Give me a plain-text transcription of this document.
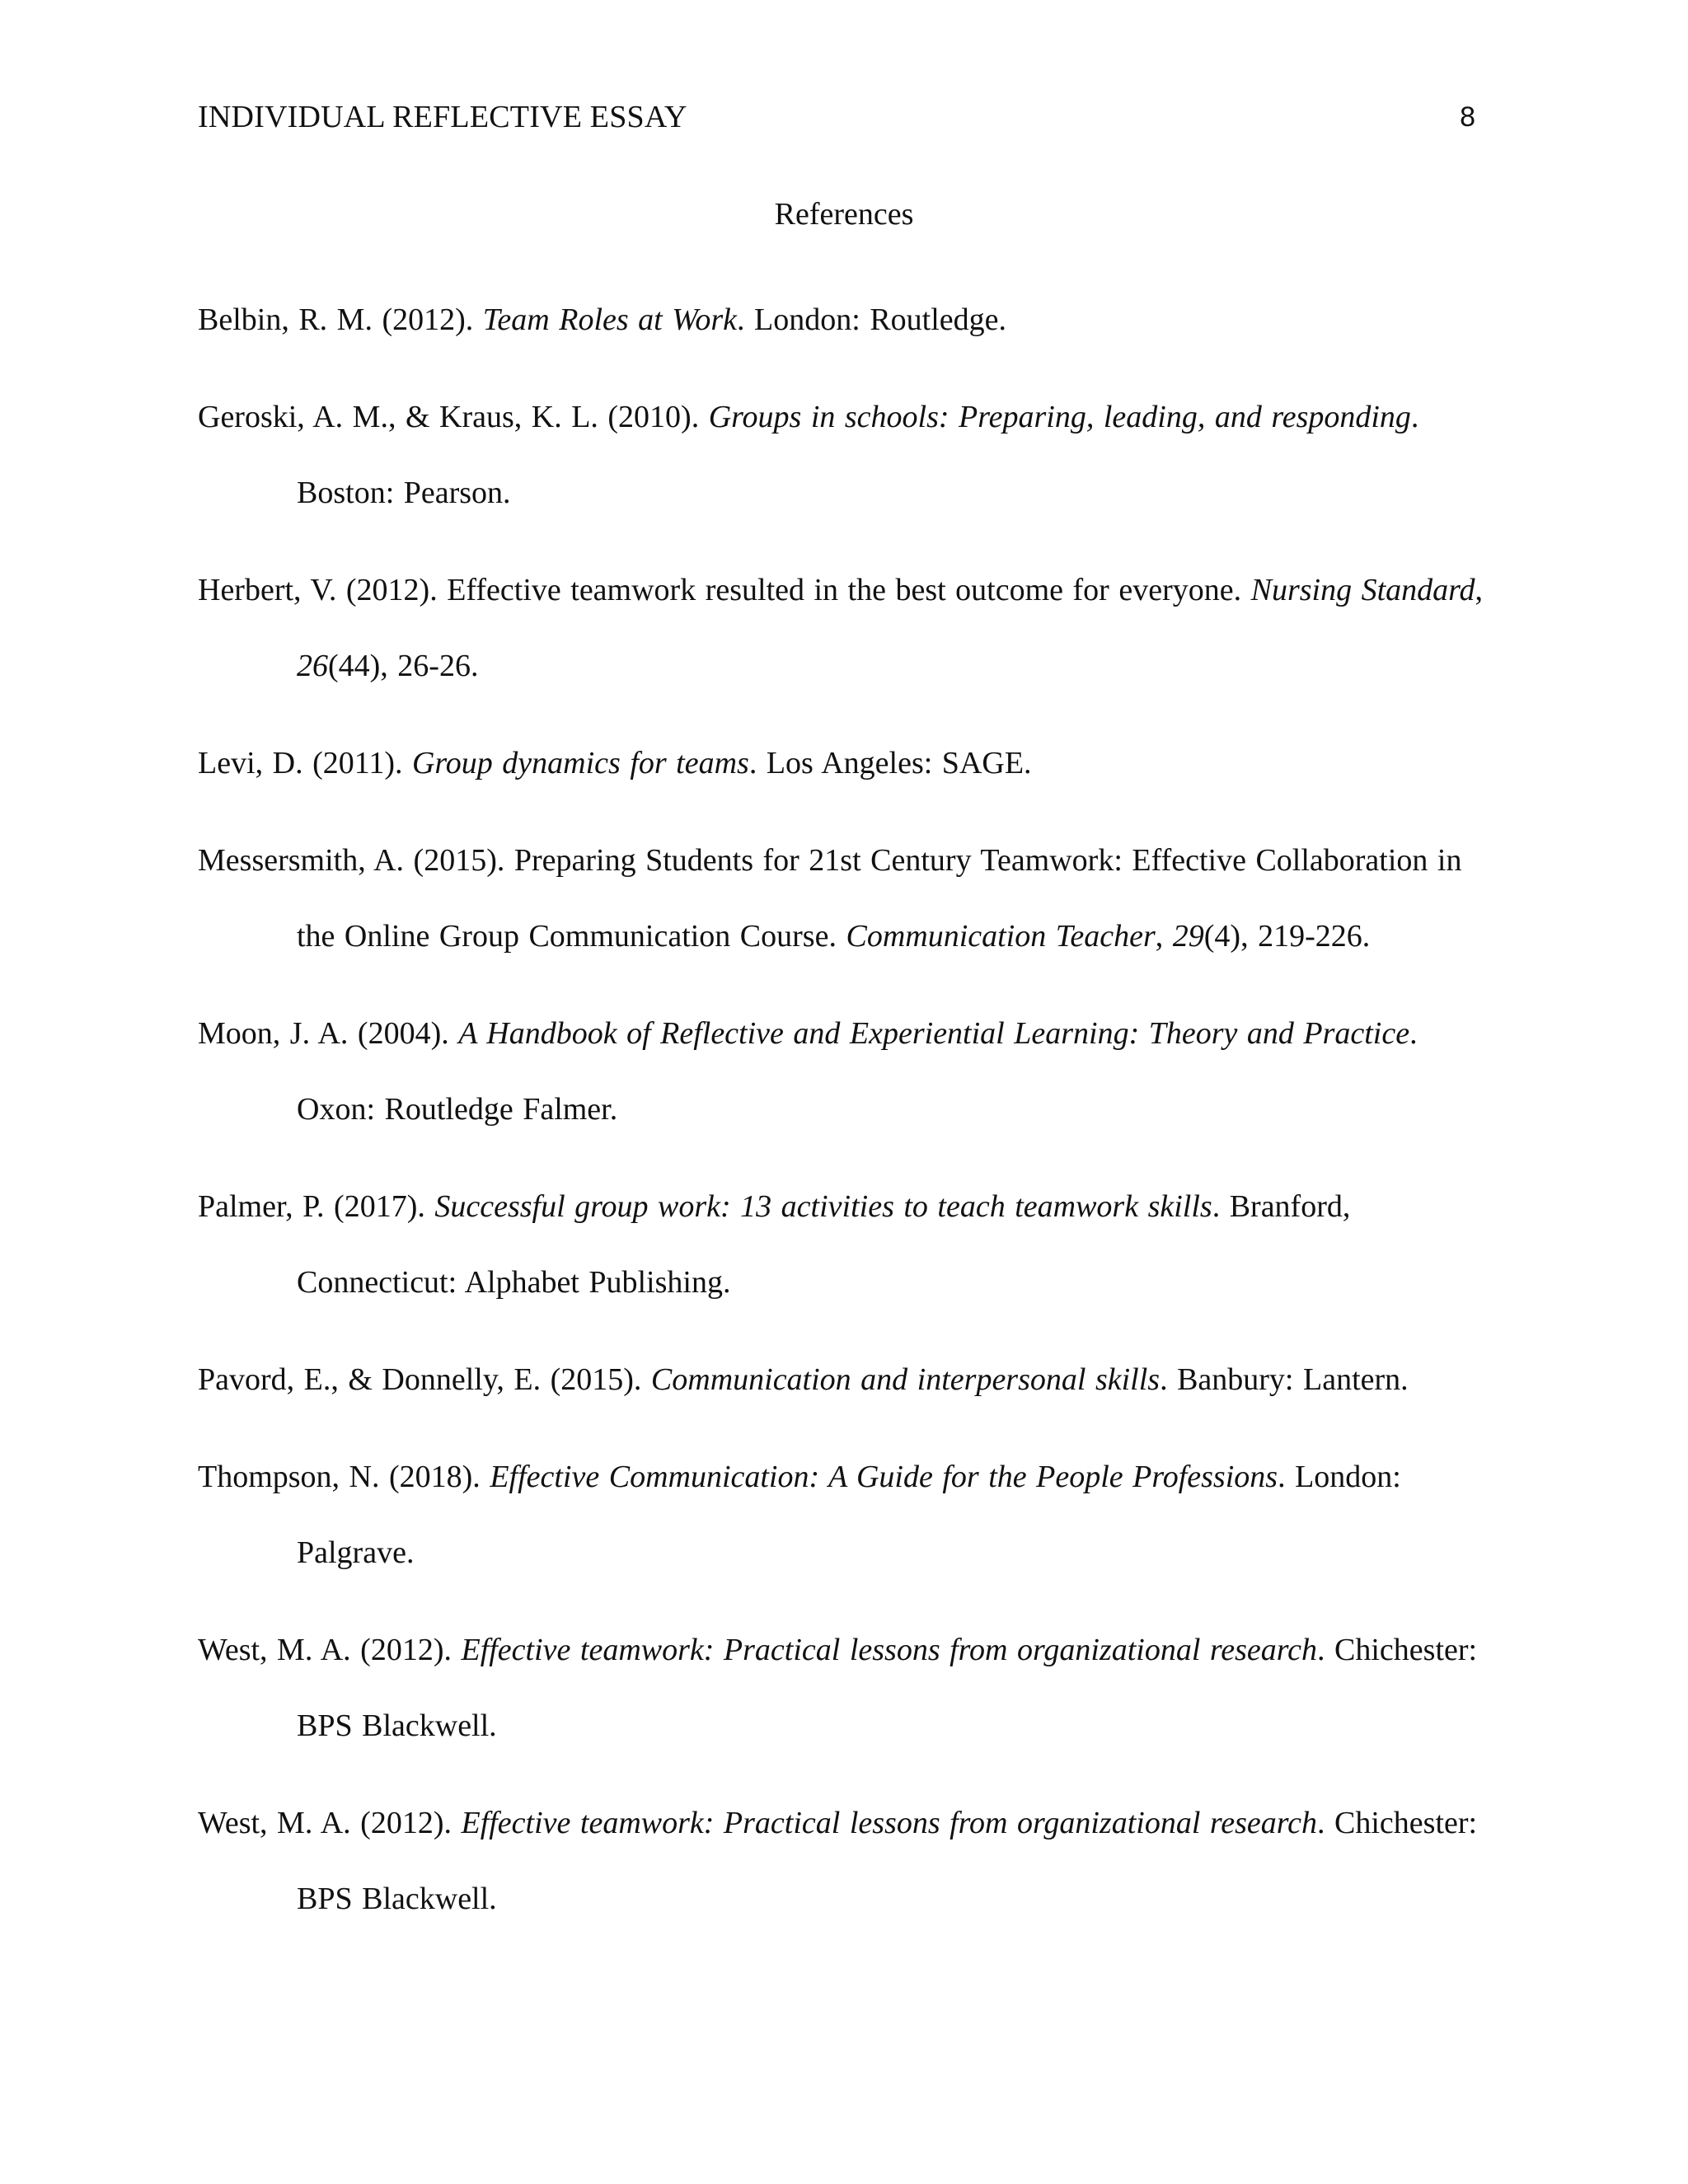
INDIVIDUAL REFLECTIVE ESSAY	8
References

Belbin, R. M. (2012). Team Roles at Work. London: Routledge.

Geroski, A. M., & Kraus, K. L. (2010). Groups in schools: Preparing, leading, and responding. Boston: Pearson.

Herbert, V. (2012). Effective teamwork resulted in the best outcome for everyone. Nursing Standard, 26(44), 26-26.

Levi, D. (2011). Group dynamics for teams. Los Angeles: SAGE.

Messersmith, A. (2015). Preparing Students for 21st Century Teamwork: Effective Collaboration in the Online Group Communication Course. Communication Teacher, 29(4), 219-226.

Moon, J. A. (2004). A Handbook of Reflective and Experiential Learning: Theory and Practice. Oxon: Routledge Falmer.

Palmer, P. (2017). Successful group work: 13 activities to teach teamwork skills. Branford, Connecticut: Alphabet Publishing.

Pavord, E., & Donnelly, E. (2015). Communication and interpersonal skills. Banbury: Lantern.

Thompson, N. (2018). Effective Communication: A Guide for the People Professions. London: Palgrave.

West, M. A. (2012). Effective teamwork: Practical lessons from organizational research. Chichester: BPS Blackwell.

West, M. A. (2012). Effective teamwork: Practical lessons from organizational research. Chichester: BPS Blackwell.
